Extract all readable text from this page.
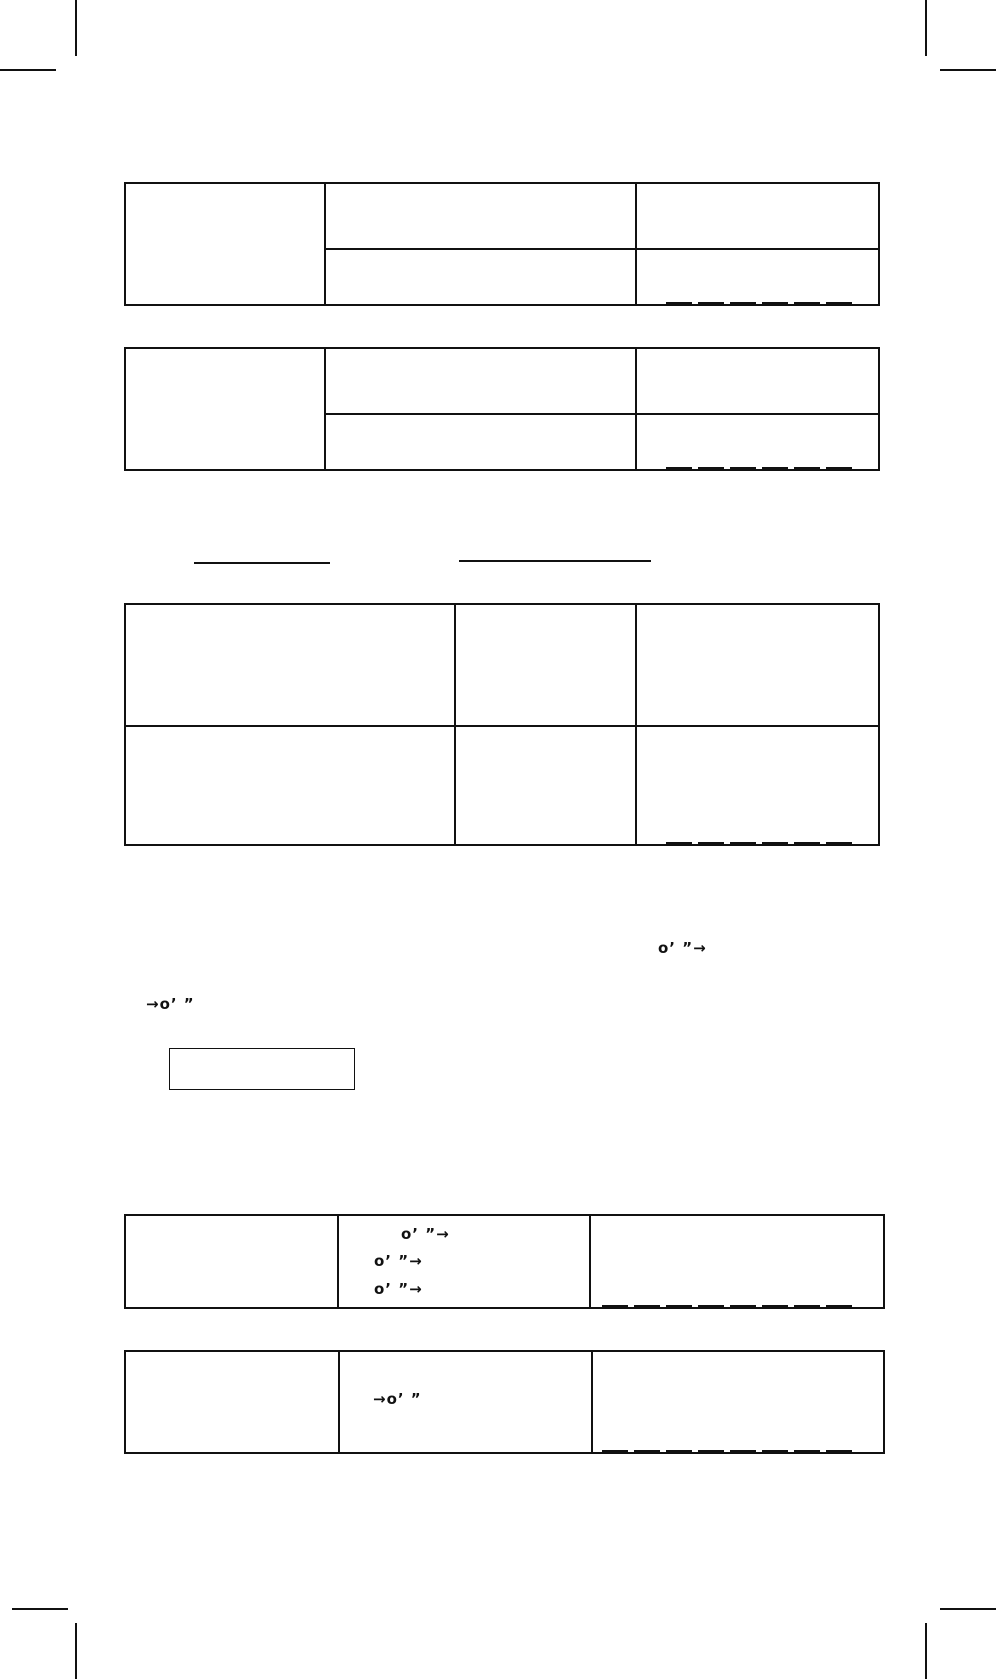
o’ ”→
→o’ ”
o’ ”→
o’ ”→
o’ ”→
→o’ ”
